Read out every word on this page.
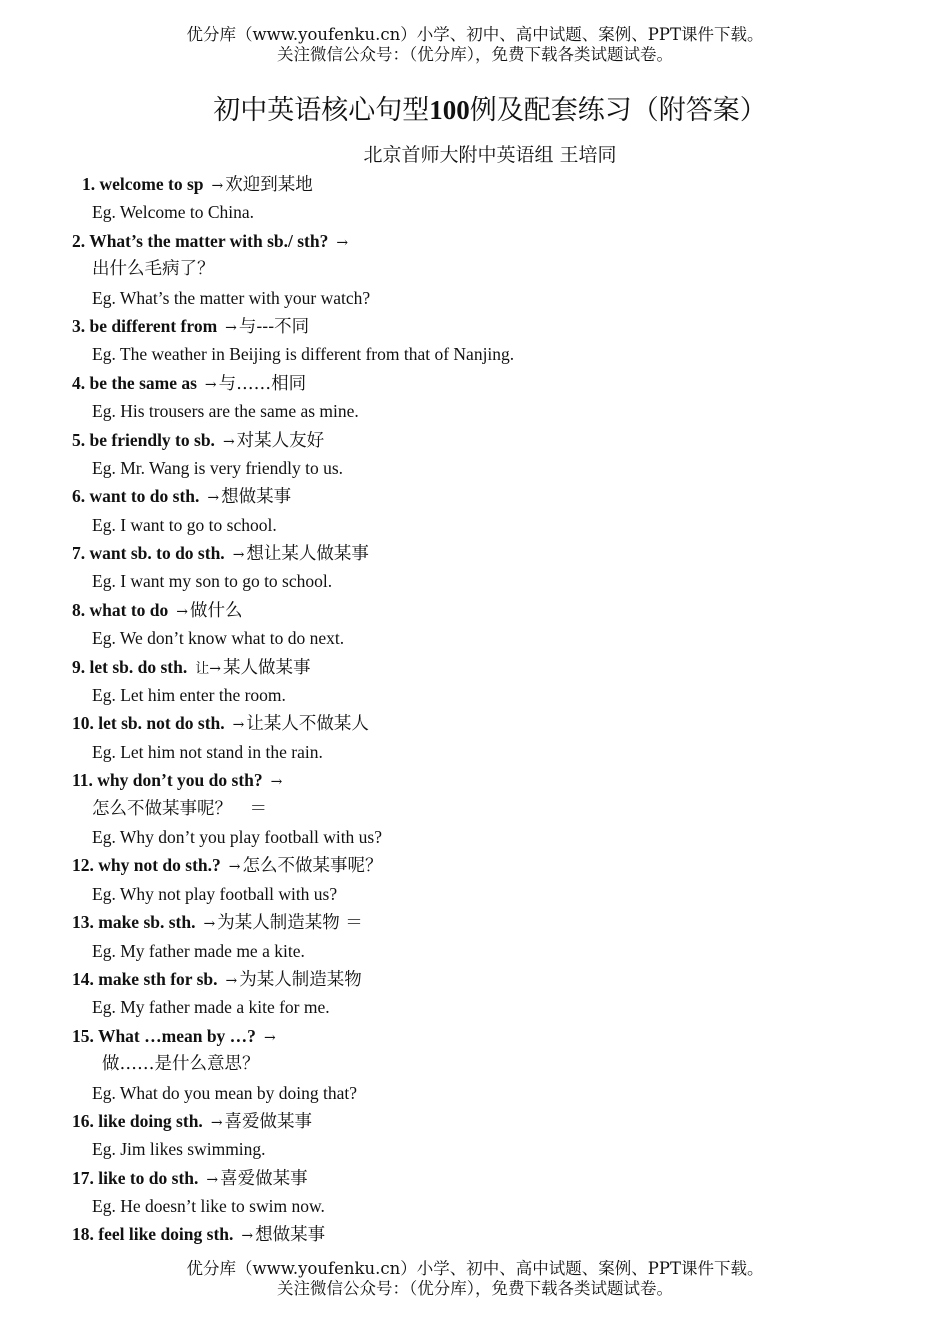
优分库（www.youfenku.cn）小学、初中、高中试题、案例、PPT课件下载。
关注微信公众号：（优分库），免费下载各类试题试卷。
初中英语核心句型100例及配套练习（附答案）
北京首师大附中英语组 王培同
1. welcome to sp → 欢迎到某地
Eg. Welcome to China.
2. What’s the matter with sb./ sth? →
出什么毛病了？
Eg. What’s the matter with your watch?
3. be different from → 与---不同
Eg. The weather in Beijing is different from that of Nanjing.
4. be the same as → 与……相同
Eg. His trousers are the same as mine.
5. be friendly to sb. → 对某人友好
Eg. Mr. Wang is very friendly to us.
6. want to do sth. → 想做某事
Eg. I want to go to school.
7. want sb. to do sth. → 想让某人做某事
Eg. I want my son to go to school.
8. what to do → 做什么
Eg. We don’t know what to do next.
9. let sb. do sth. 让→ 某人做某事
Eg. Let him enter the room.
10. let sb. not do sth. → 让某人不做某人
Eg. Let him not stand in the rain.
11. why don’t you do sth? →
怎么不做某事呢？　＝
Eg. Why don’t you play football with us?
12. why not do sth.? → 怎么不做某事呢？
Eg. Why not play football with us?
13. make sb. sth. → 为某人制造某物 ＝
Eg. My father made me a kite.
14. make sth for sb. → 为某人制造某物
Eg. My father made a kite for me.
15. What …mean by …? →
做……是什么意思？
Eg. What do you mean by doing that?
16. like doing sth. → 喜爱做某事
Eg. Jim likes swimming.
17. like to do sth. → 喜爱做某事
Eg. He doesn’t like to swim now.
18. feel like doing sth. → 想做某事
优分库（www.youfenku.cn）小学、初中、高中试题、案例、PPT课件下载。
关注微信公众号：（优分库），免费下载各类试题试卷。
